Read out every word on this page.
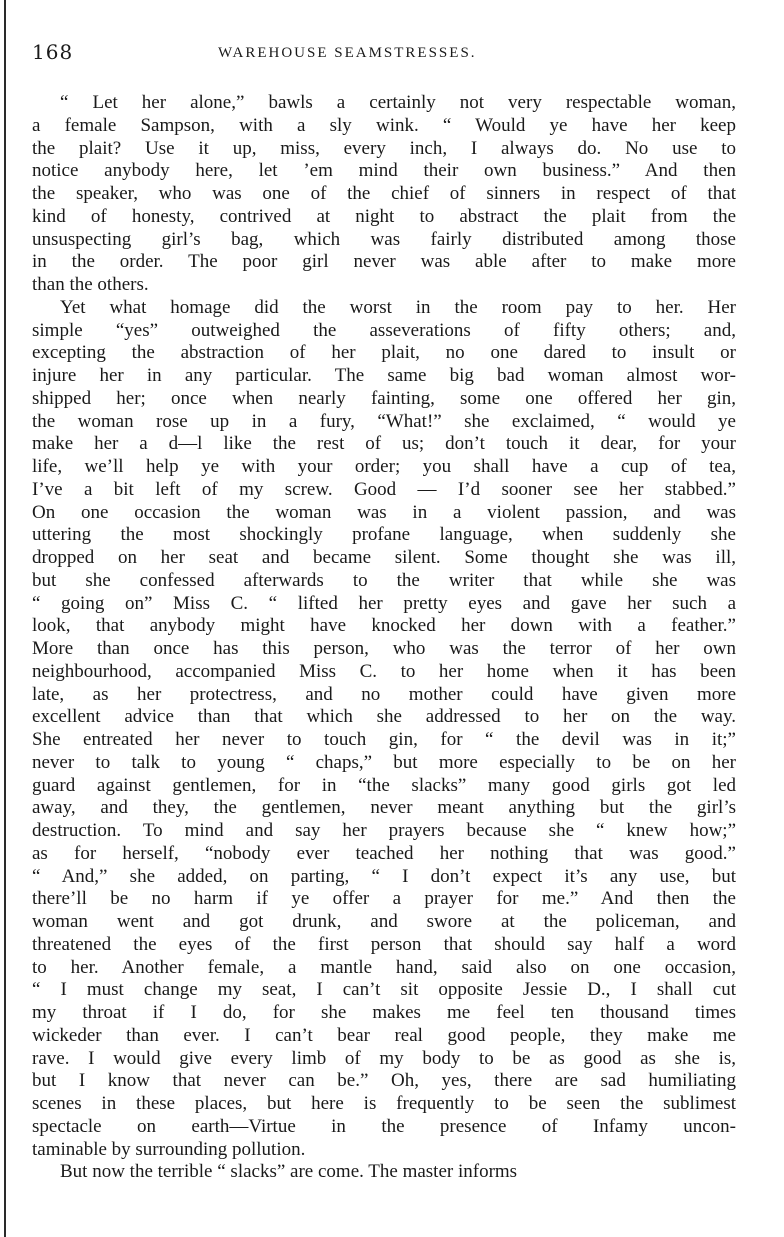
168	WAREHOUSE SEAMSTRESSES.
“ Let her alone,” bawls a certainly not very respectable woman,
a female Sampson, with a sly wink. “ Would ye have her keep
the plait? Use it up, miss, every inch, I always do. No use to
notice anybody here, let ’em mind their own business.” And then
the speaker, who was one of the chief of sinners in respect of that
kind of honesty, contrived at night to abstract the plait from the
unsuspecting girl’s bag, which was fairly distributed among those
in the order. The poor girl never was able after to make more
than the others.
Yet what homage did the worst in the room pay to her. Her
simple “yes” outweighed the asseverations of fifty others; and,
excepting the abstraction of her plait, no one dared to insult or
injure her in any particular. The same big bad woman almost wor-
shipped her; once when nearly fainting, some one offered her gin,
the woman rose up in a fury, “What!” she exclaimed, “ would ye
make her a d—l like the rest of us; don’t touch it dear, for your
life, we’ll help ye with your order; you shall have a cup of tea,
I’ve a bit left of my screw. Good — I’d sooner see her stabbed.”
On one occasion the woman was in a violent passion, and was
uttering the most shockingly profane language, when suddenly she
dropped on her seat and became silent. Some thought she was ill,
but she confessed afterwards to the writer that while she was
“ going on” Miss C. “ lifted her pretty eyes and gave her such a
look, that anybody might have knocked her down with a feather.”
More than once has this person, who was the terror of her own
neighbourhood, accompanied Miss C. to her home when it has been
late, as her protectress, and no mother could have given more
excellent advice than that which she addressed to her on the way.
She entreated her never to touch gin, for “ the devil was in it;”
never to talk to young “ chaps,” but more especially to be on her
guard against gentlemen, for in “the slacks” many good girls got led
away, and they, the gentlemen, never meant anything but the girl’s
destruction. To mind and say her prayers because she “ knew how;”
as for herself, “nobody ever teached her nothing that was good.”
“ And,” she added, on parting, “ I don’t expect it’s any use, but
there’ll be no harm if ye offer a prayer for me.” And then the
woman went and got drunk, and swore at the policeman, and
threatened the eyes of the first person that should say half a word
to her. Another female, a mantle hand, said also on one occasion,
“ I must change my seat, I can’t sit opposite Jessie D., I shall cut
my throat if I do, for she makes me feel ten thousand times
wickeder than ever. I can’t bear real good people, they make me
rave. I would give every limb of my body to be as good as she is,
but I know that never can be.” Oh, yes, there are sad humiliating
scenes in these places, but here is frequently to be seen the sublimest
spectacle on earth—Virtue in the presence of Infamy uncon-
taminable by surrounding pollution.
But now the terrible “ slacks” are come. The master informs
